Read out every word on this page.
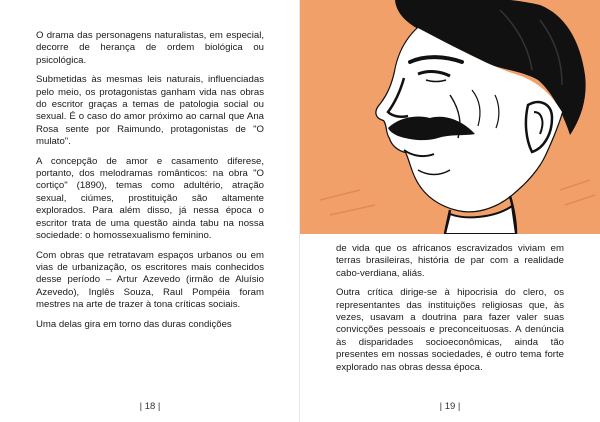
O drama das personagens naturalistas, em especial, decorre de herança de ordem biológica ou psicológica.

Submetidas às mesmas leis naturais, influenciadas pelo meio, os protagonistas ganham vida nas obras do escritor graças a temas de patologia social ou sexual. É o caso do amor próximo ao carnal que Ana Rosa sente por Raimundo, protagonistas de "O mulato".

A concepção de amor e casamento diferese, portanto, dos melodramas românticos: na obra "O cortiço" (1890), temas como adultério, atração sexual, ciúmes, prostituição são altamente explorados. Para além disso, já nessa época o escritor trata de uma questão ainda tabu na nossa sociedade: o homossexualismo feminino.

Com obras que retratavam espaços urbanos ou em vias de urbanização, os escritores mais conhecidos desse período – Artur Azevedo (irmão de Aluísio Azevedo), Inglês Souza, Raul Pompéia foram mestres na arte de trazer à tona críticas sociais.

Uma delas gira em torno das duras condições

| 18 |

de vida que os africanos escravizados viviam em terras brasileiras, história de par com a realidade cabo-verdiana, aliás.

Outra crítica dirige-se à hipocrisia do clero, os representantes das instituições religiosas que, às vezes, usavam a doutrina para fazer valer suas convicções pessoais e preconceituosas. A denúncia às disparidades socioeconômicas, ainda tão presentes em nossas sociedades, é outro tema forte explorado nas obras dessa época.

| 19 |
